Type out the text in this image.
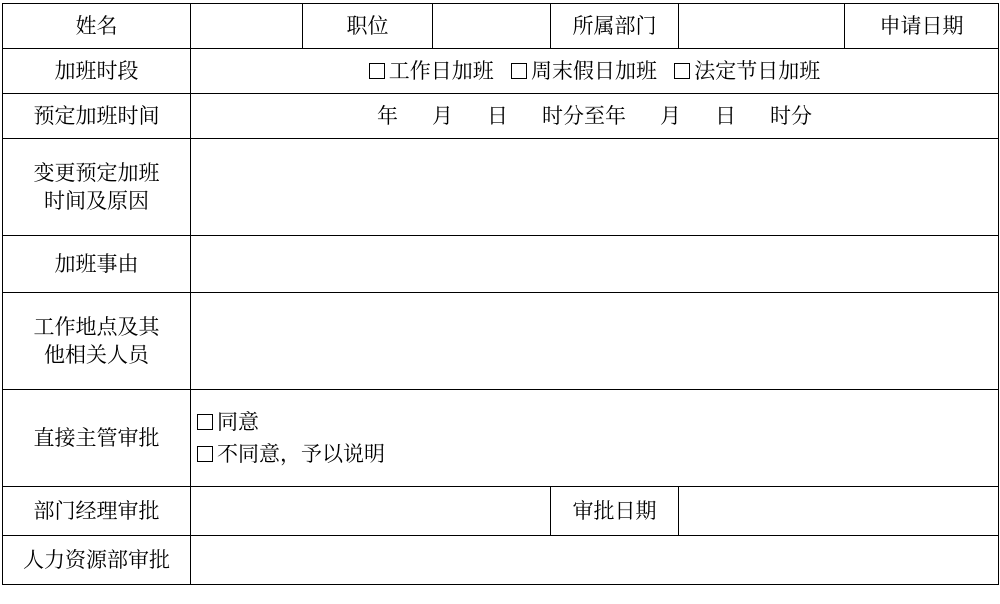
姓名		职位		所属部门		申请日期
加班时段	工作日加班 周末假日加班 法定节日加班					
预定加班时间	年 月 日 时分至年 月 日 时分					

变更预定加班
时间及原因						

加班事由						

工作地点及其
他相关人员						

直接主管审批	同意
不同意，予以说明					

部门经理审批				审批日期		
人力资源部审批						
